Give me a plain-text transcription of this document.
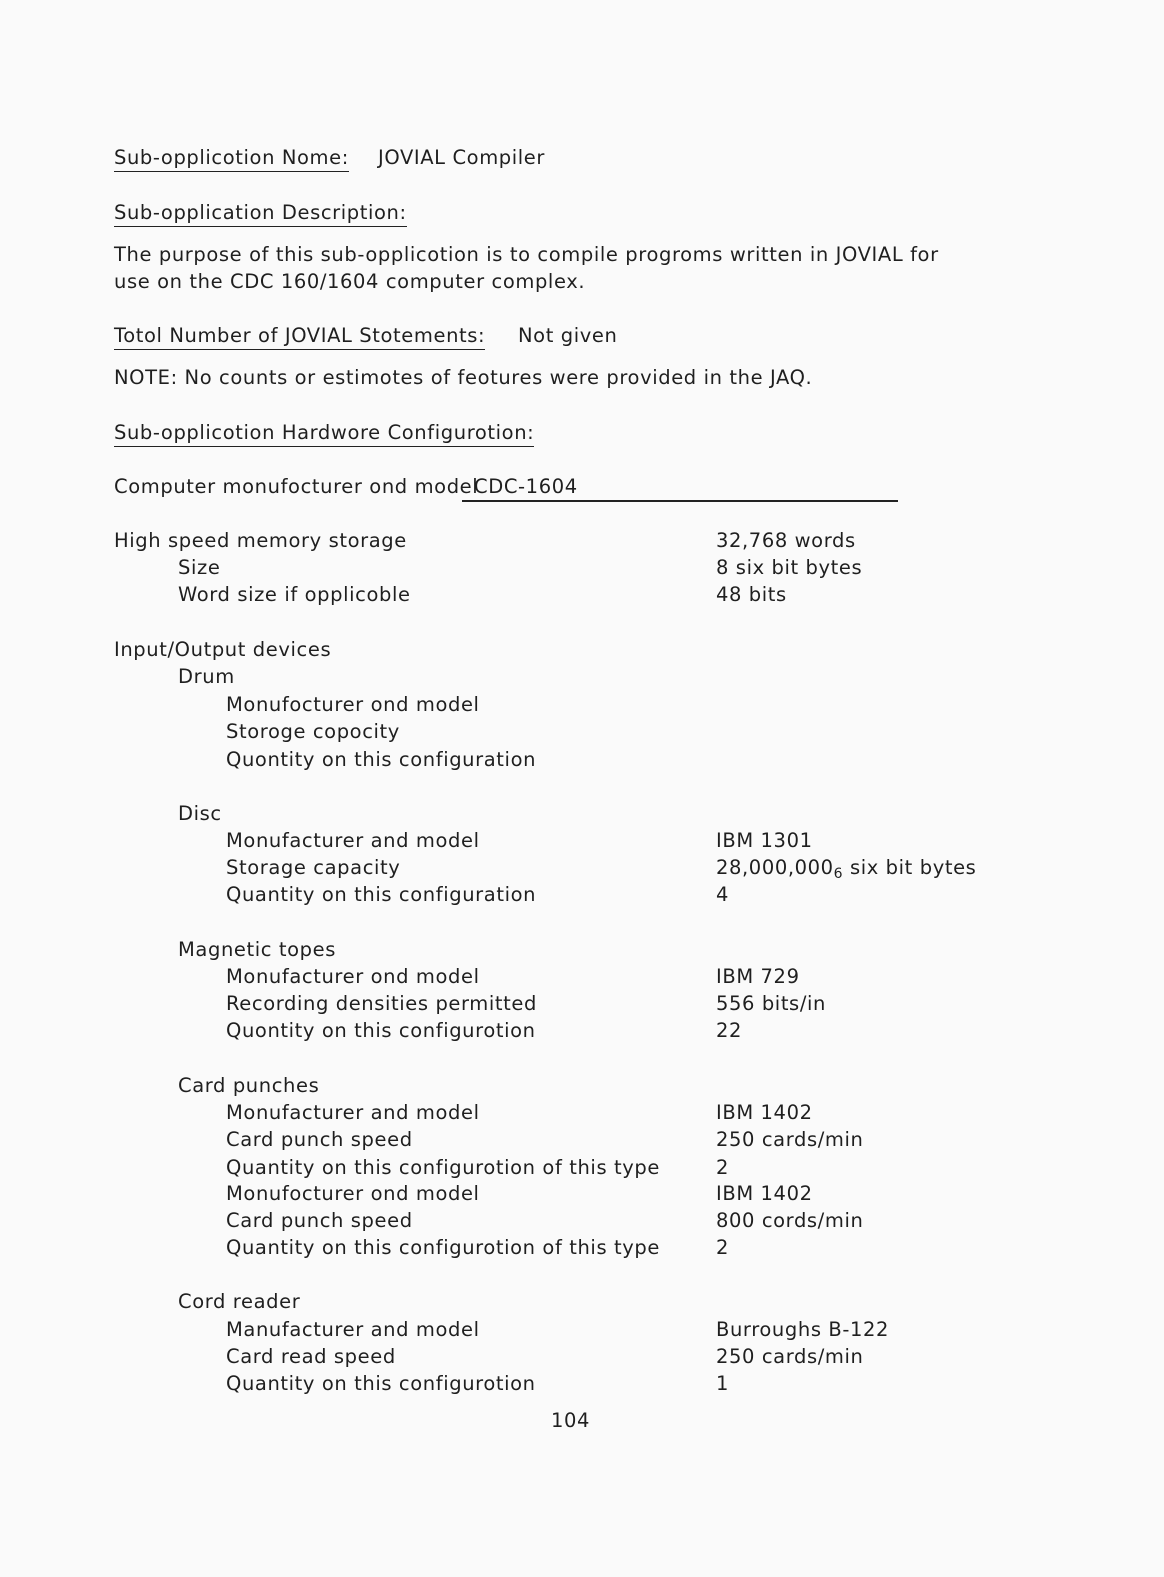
Sub-opplicotion Nome: JOVIAL Compiler
Sub-opplication Description:
The purpose of this sub-opplicotion is to compile progroms written in JOVIAL for
use on the CDC 160/1604 computer complex.
Totol Number of JOVIAL Stotements: Not given
NOTE: No counts or estimotes of feotures were provided in the JAQ.
Sub-opplicotion Hardwore Configurotion:
Computer monufocturer ond model
CDC-1604
High speed memory storage
Size
Word size if opplicoble
32,768 words
8 six bit bytes
48 bits
Input/Output devices
Drum
Monufocturer ond model
Storoge copocity
Quontity on this configuration
Disc
Monufacturer and model
Storage capacity
Quantity on this configuration
IBM 1301
$28,000,000_6$ six bit bytes
4
Magnetic topes
Monufacturer ond model
Recording densities permitted
Quontity on this configurotion
IBM 729
556 bits/in
22
Card punches
Monufacturer and model
Card punch speed
Quantity on this configurotion of this type
Monufocturer ond model
Card punch speed
Quantity on this configurotion of this type
IBM 1402
250 cards/min
2
IBM 1402
800 cords/min
2
Cord reader
Manufacturer and model
Card read speed
Quantity on this configurotion
Burroughs B-122
250 cards/min
1
104
